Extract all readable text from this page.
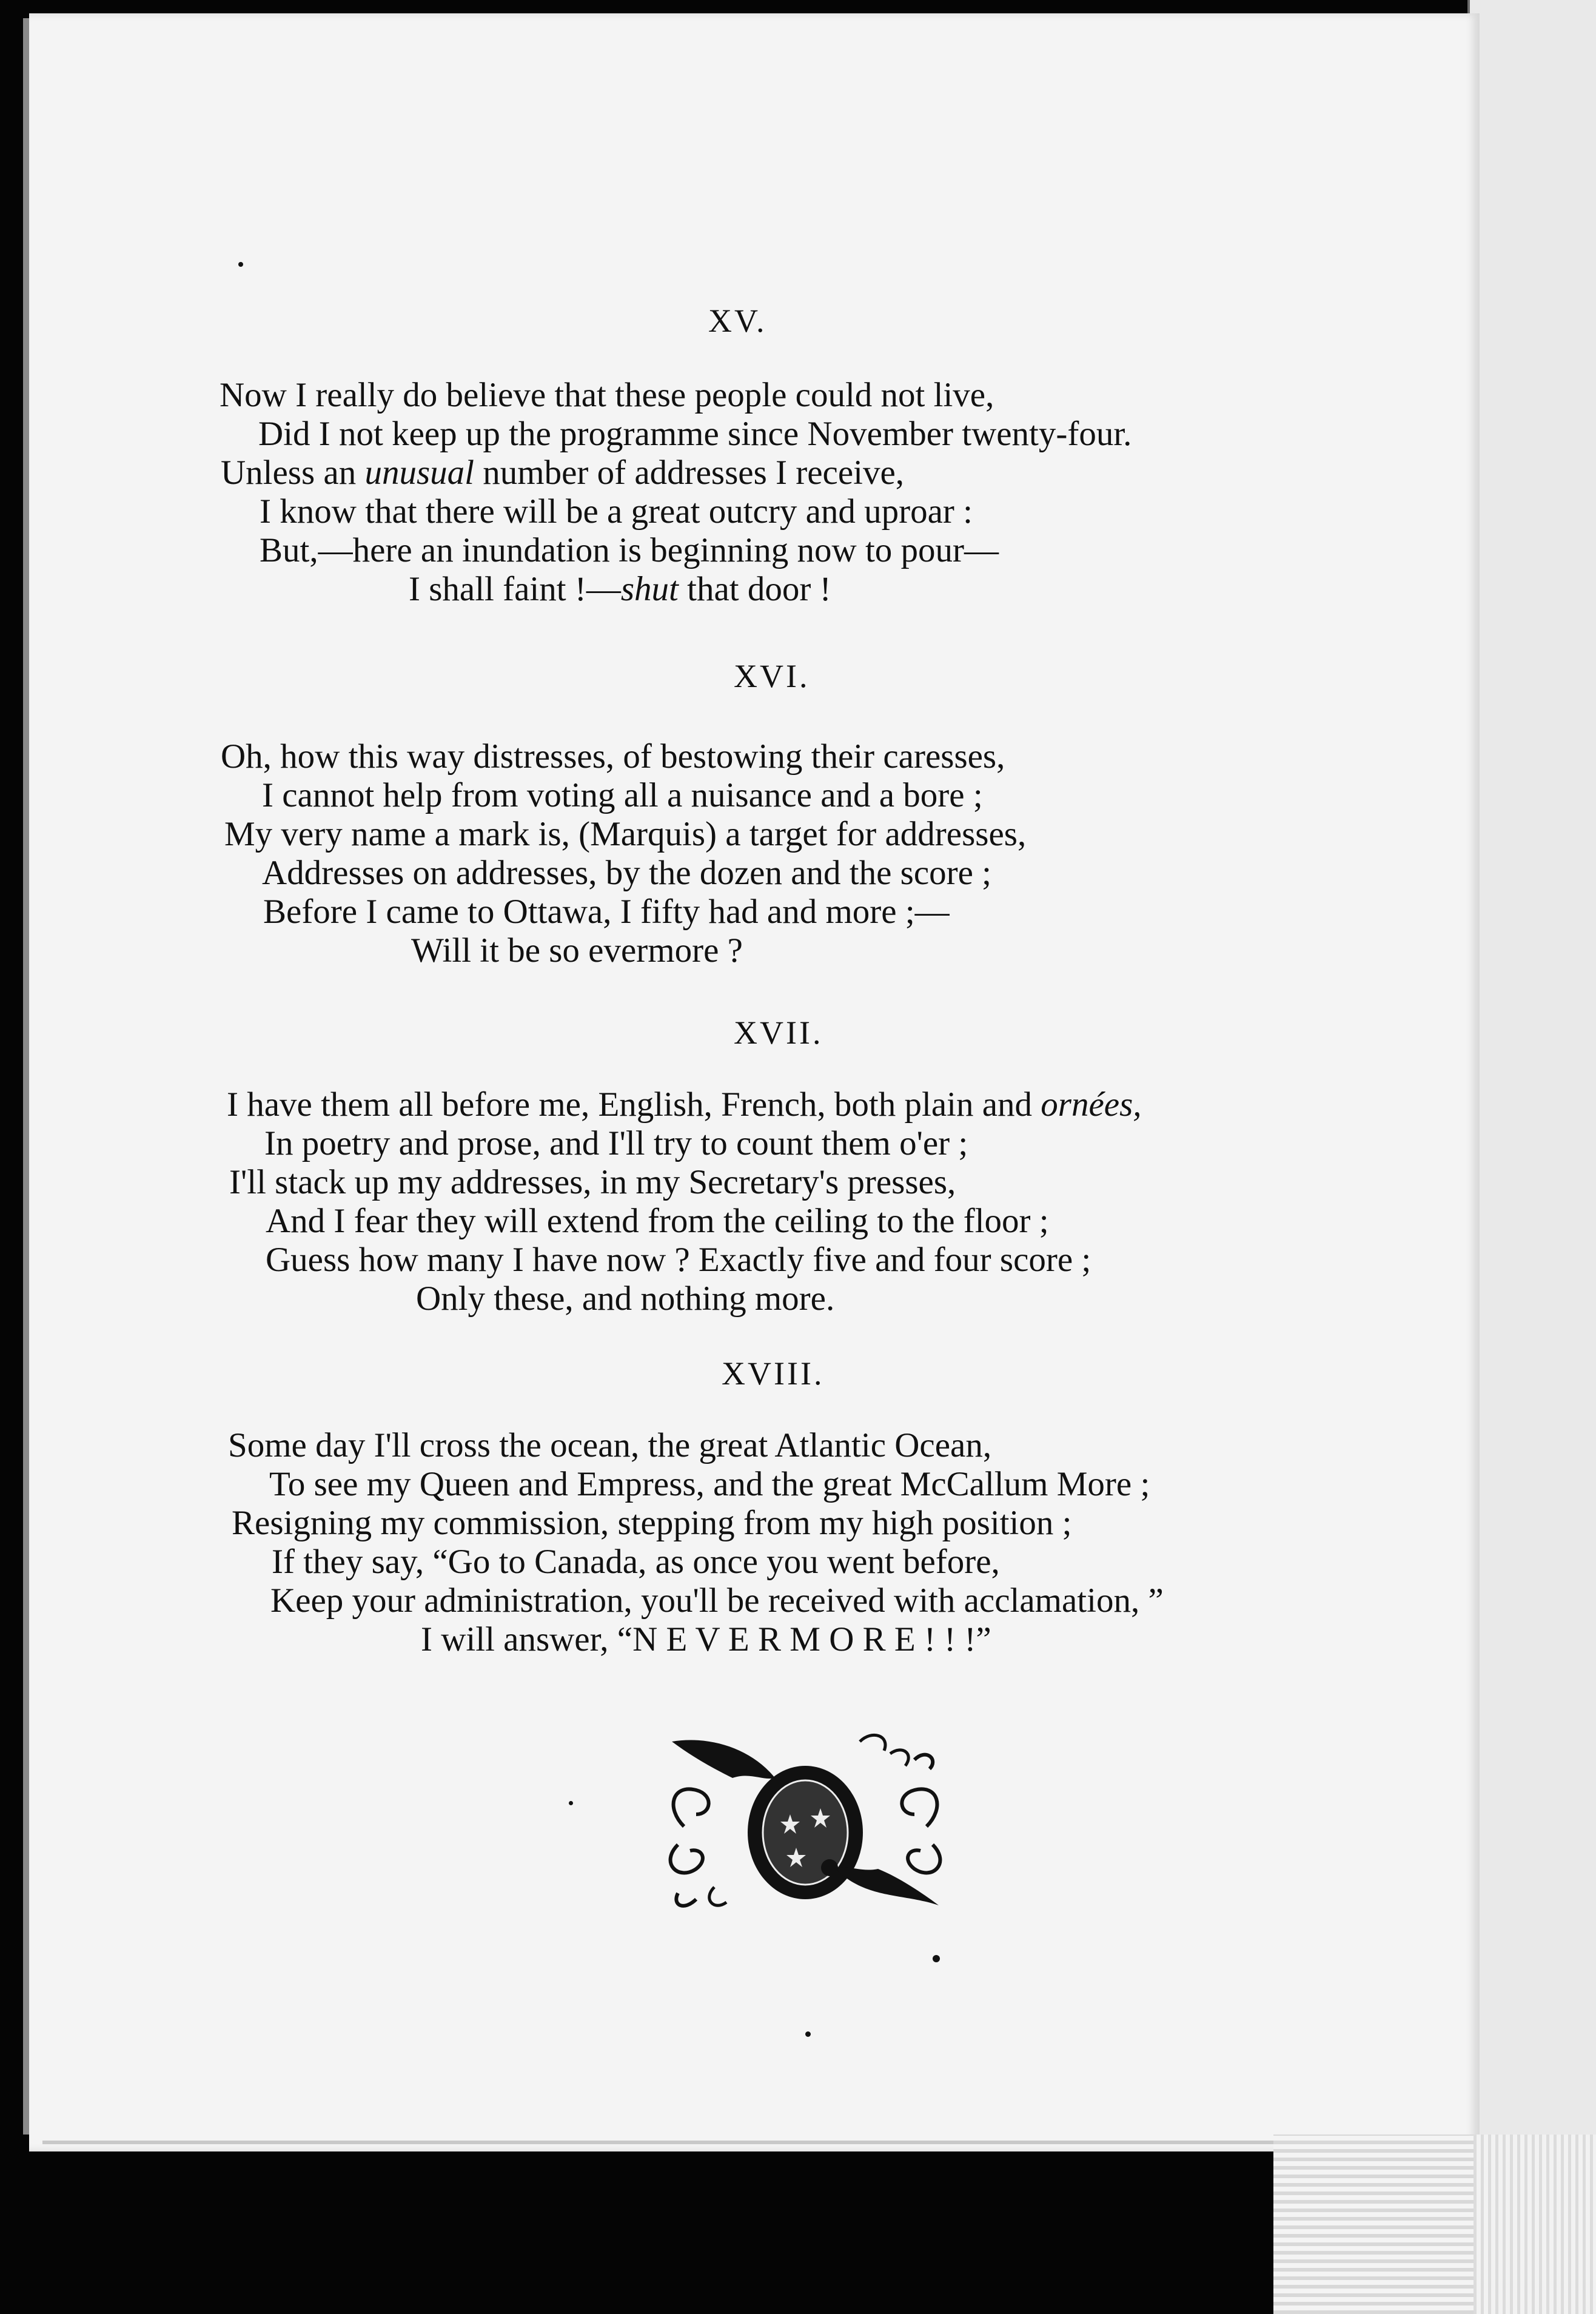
XV.
Now I really do believe that these people could not live,
Did I not keep up the programme since November twenty-four.
Unless an unusual number of addresses I receive,
I know that there will be a great outcry and uproar :
But,—here an inundation is beginning now to pour—
I shall faint !—shut that door !
XVI.
Oh, how this way distresses, of bestowing their caresses,
I cannot help from voting all a nuisance and a bore ;
My very name a mark is, (Marquis) a target for addresses,
Addresses on addresses, by the dozen and the score ;
Before I came to Ottawa, I fifty had and more ;—
Will it be so evermore ?
XVII.
I have them all before me, English, French, both plain and ornées,
In poetry and prose, and I'll try to count them o'er ;
I'll stack up my addresses, in my Secretary's presses,
And I fear they will extend from the ceiling to the floor ;
Guess how many I have now ? Exactly five and four score ;
Only these, and nothing more.
XVIII.
Some day I'll cross the ocean, the great Atlantic Ocean,
To see my Queen and Empress, and the great McCallum More ;
Resigning my commission, stepping from my high position ;
If they say, “Go to Canada, as once you went before,
Keep your administration, you'll be received with acclamation, ”
I will answer, “N E V E R M O R E ! ! !”
